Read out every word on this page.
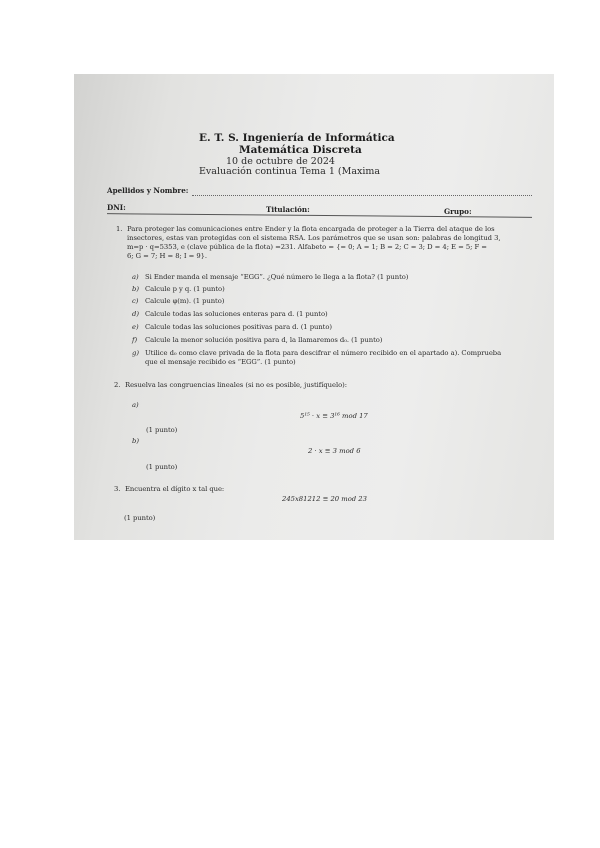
E. T. S. Ingeniería de Informática
Matemática Discreta
10 de octubre de 2024
Evaluación continua Tema 1 (Maxima
Apellidos y Nombre:
DNI:	Titulación:	Grupo:
1. Para proteger las comunicaciones entre Ender y la flota encargada de proteger a la Tierra del ataque de los
insectores, estas van protegidas con el sistema RSA. Los parámetros que se usan son: palabras de longitud 3,
m=p · q=5353, e (clave pública de la flota) =231. Alfabeto = {= 0; A = 1; B = 2; C = 3; D = 4; E = 5; F =
6; G = 7; H = 8; I = 9}.
a) Si Ender manda el mensaje “EGG”. ¿Qué número le llega a la flota? (1 punto)
b) Calcule p y q. (1 punto)
c) Calcule φ(m). (1 punto)
d) Calcule todas las soluciones enteras para d. (1 punto)
e) Calcule todas las soluciones positivas para d. (1 punto)
f) Calcule la menor solución positiva para d, la llamaremos d₀. (1 punto)
g) Utilice d₀ como clave privada de la flota para descifrar el número recibido en el apartado a). Comprueba
que el mensaje recibido es “EGG”. (1 punto)
2. Resuelva las congruencias lineales (si no es posible, justifíquelo):
a)
5¹⁵ · x ≡ 3¹⁶ mod 17
(1 punto)
b)
2 · x ≡ 3 mod 6
(1 punto)
3. Encuentra el dígito x tal que:
245x81212 ≡ 20 mod 23
(1 punto)
